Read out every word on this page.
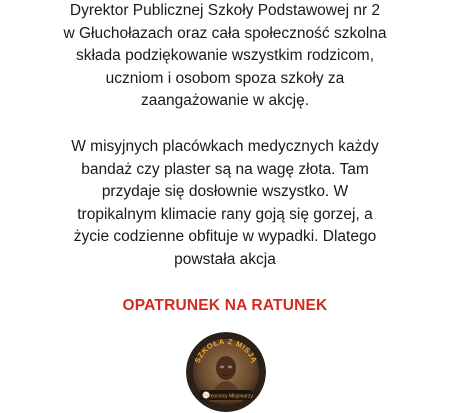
Dyrektor Publicznej Szkoły Podstawowej nr 2
w Głuchołazach oraz cała społeczność szkolna
składa podziękowanie wszystkim rodzicom,
uczniom i osobom spoza szkoły za
zaangażowanie w akcję.
W misyjnych placówkach medycznych każdy
bandaż czy plaster są na wagę złota. Tam
przydaje się dosłownie wszystko. W
tropikalnym klimacie rany goją się gorzej, a
życie codzienne obfituje w wypadki. Dlatego
powstała akcja
OPATRUNEK NA RATUNEK
SZKOŁA Z MISJĄ
Pomocnicy Misjonarzy
